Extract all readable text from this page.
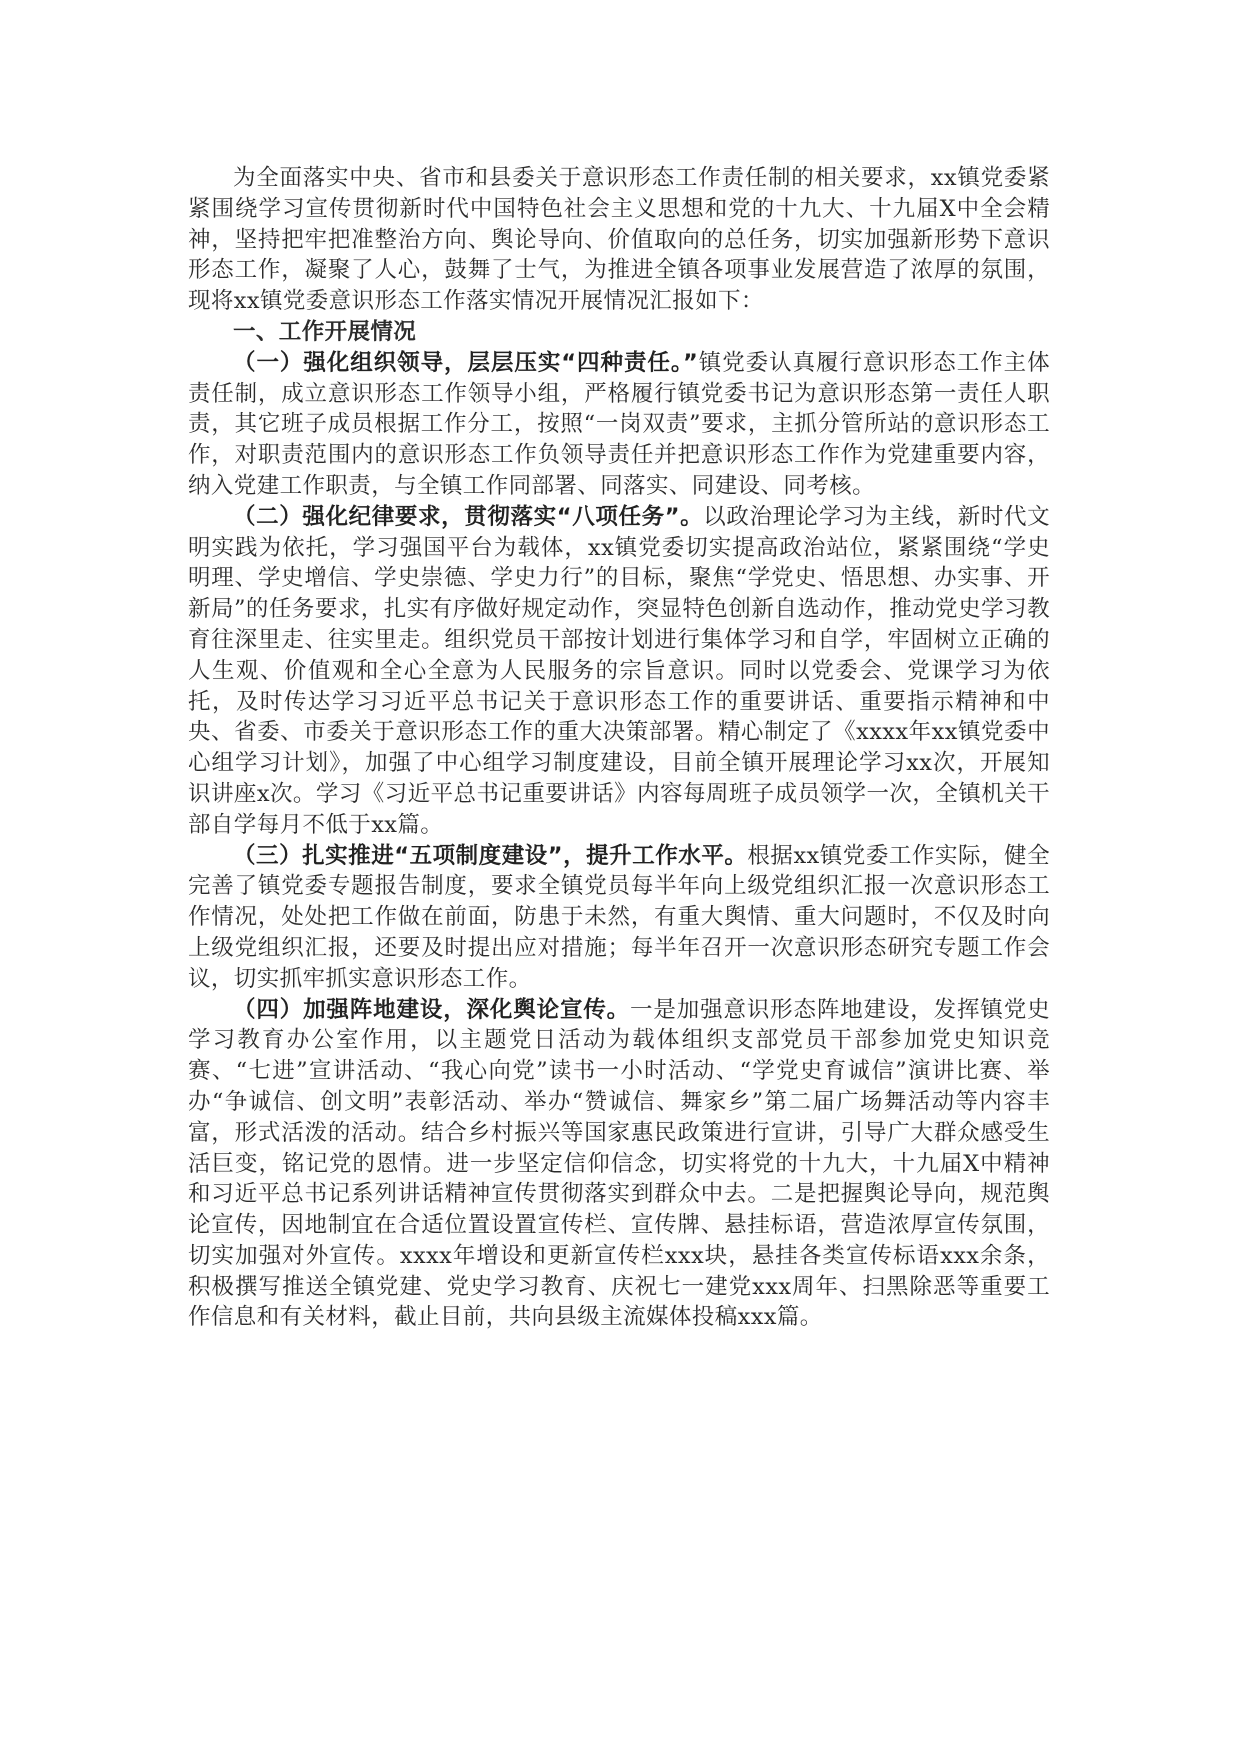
为全面落实中央、省市和县委关于意识形态工作责任制的相关要求，xx镇党委紧紧围绕学习宣传贯彻新时代中国特色社会主义思想和党的十九大、十九届X中全会精神，坚持把牢把准整治方向、舆论导向、价值取向的总任务，切实加强新形势下意识形态工作，凝聚了人心，鼓舞了士气，为推进全镇各项事业发展营造了浓厚的氛围，现将xx镇党委意识形态工作落实情况开展情况汇报如下：

一、工作开展情况

（一）强化组织领导，层层压实“四种责任。”镇党委认真履行意识形态工作主体责任制，成立意识形态工作领导小组，严格履行镇党委书记为意识形态第一责任人职责，其它班子成员根据工作分工，按照“一岗双责”要求，主抓分管所站的意识形态工作，对职责范围内的意识形态工作负领导责任并把意识形态工作作为党建重要内容，纳入党建工作职责，与全镇工作同部署、同落实、同建设、同考核。

（二）强化纪律要求，贯彻落实“八项任务”。以政治理论学习为主线，新时代文明实践为依托，学习强国平台为载体，xx镇党委切实提高政治站位，紧紧围绕“学史明理、学史增信、学史崇德、学史力行”的目标，聚焦“学党史、悟思想、办实事、开新局”的任务要求，扎实有序做好规定动作，突显特色创新自选动作，推动党史学习教育往深里走、往实里走。组织党员干部按计划进行集体学习和自学，牢固树立正确的人生观、价值观和全心全意为人民服务的宗旨意识。同时以党委会、党课学习为依托，及时传达学习习近平总书记关于意识形态工作的重要讲话、重要指示精神和中央、省委、市委关于意识形态工作的重大决策部署。精心制定了《xxxx年xx镇党委中心组学习计划》，加强了中心组学习制度建设，目前全镇开展理论学习xx次，开展知识讲座x次。学习《习近平总书记重要讲话》内容每周班子成员领学一次，全镇机关干部自学每月不低于xx篇。

（三）扎实推进“五项制度建设”，提升工作水平。根据xx镇党委工作实际，健全完善了镇党委专题报告制度，要求全镇党员每半年向上级党组织汇报一次意识形态工作情况，处处把工作做在前面，防患于未然，有重大舆情、重大问题时，不仅及时向上级党组织汇报，还要及时提出应对措施；每半年召开一次意识形态研究专题工作会议，切实抓牢抓实意识形态工作。

（四）加强阵地建设，深化舆论宣传。一是加强意识形态阵地建设，发挥镇党史学习教育办公室作用，以主题党日活动为载体组织支部党员干部参加党史知识竞赛、“七进”宣讲活动、“我心向党”读书一小时活动、“学党史育诚信”演讲比赛、举办“争诚信、创文明”表彰活动、举办“赞诚信、舞家乡”第二届广场舞活动等内容丰富，形式活泼的活动。结合乡村振兴等国家惠民政策进行宣讲，引导广大群众感受生活巨变，铭记党的恩情。进一步坚定信仰信念，切实将党的十九大，十九届X中精神和习近平总书记系列讲话精神宣传贯彻落实到群众中去。二是把握舆论导向，规范舆论宣传，因地制宜在合适位置设置宣传栏、宣传牌、悬挂标语，营造浓厚宣传氛围，切实加强对外宣传。xxxx年增设和更新宣传栏xxx块，悬挂各类宣传标语xxx余条，积极撰写推送全镇党建、党史学习教育、庆祝七一建党xxx周年、扫黑除恶等重要工作信息和有关材料，截止目前，共向县级主流媒体投稿xxx篇。
